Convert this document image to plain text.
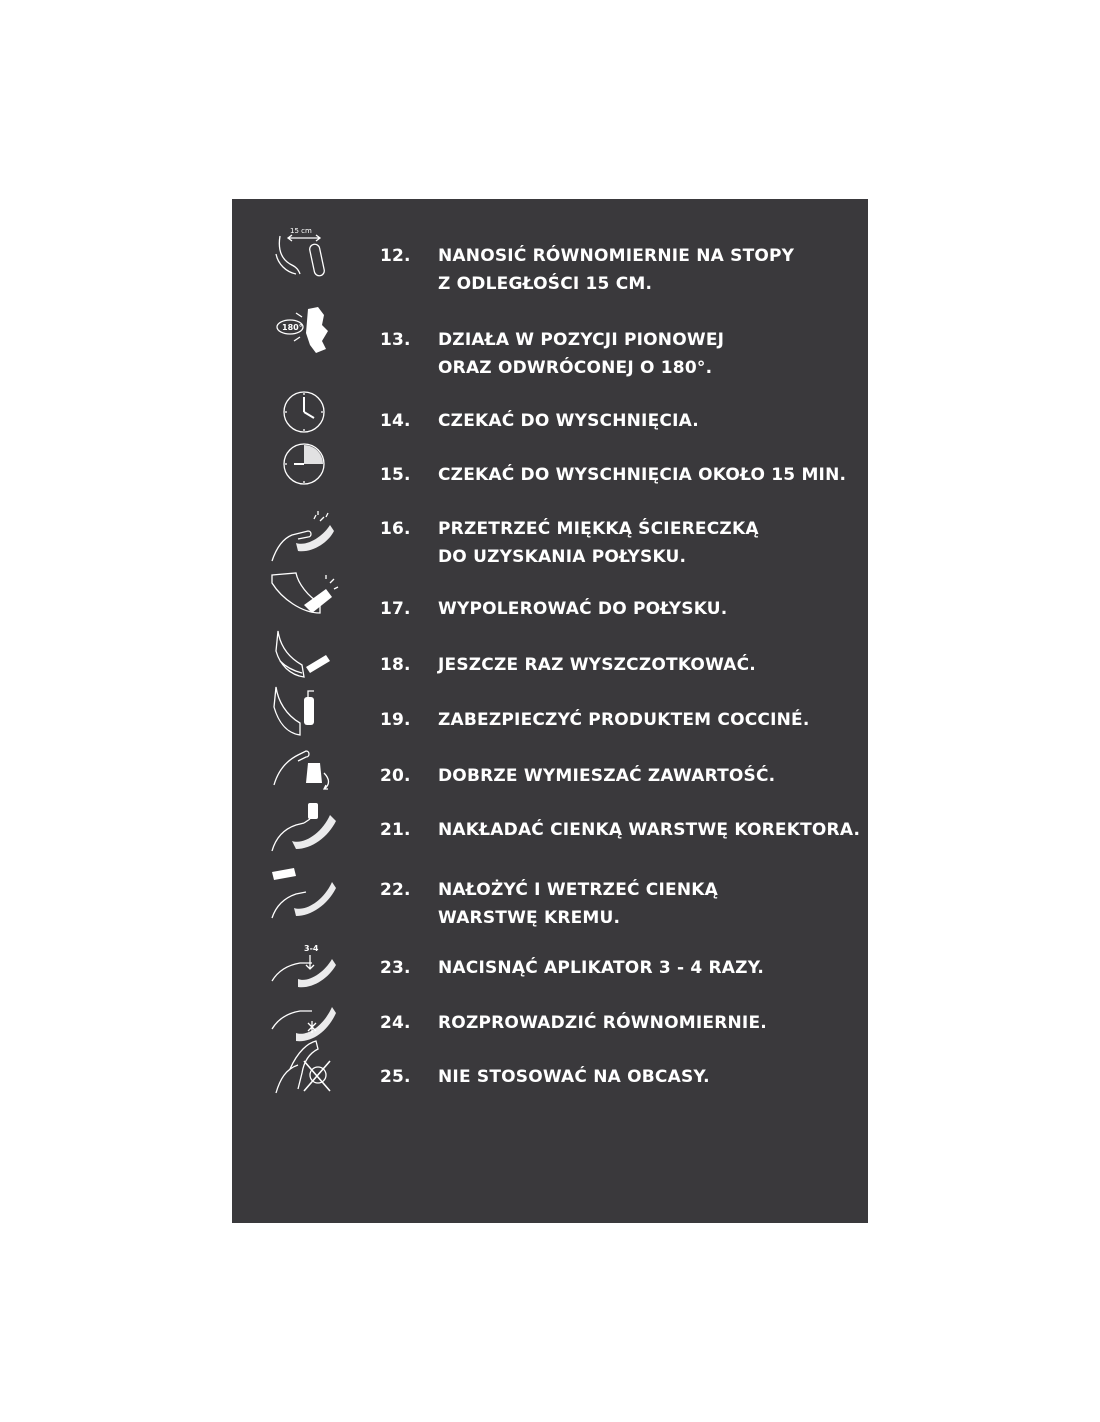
15 cm
12. NANOSIĆ RÓWNOMIERNIE NA STOPY
Z ODLEGŁOŚCI 15 CM.
180°
13. DZIAŁA W POZYCJI PIONOWEJ
ORAZ ODWRÓCONEJ O 180°.
14. CZEKAĆ DO WYSCHNIĘCIA.
15. CZEKAĆ DO WYSCHNIĘCIA OKOŁO 15 MIN.
16. PRZETRZEĆ MIĘKKĄ ŚCIERECZKĄ
DO UZYSKANIA POŁYSKU.
17. WYPOLEROWAĆ DO POŁYSKU.
18. JESZCZE RAZ WYSZCZOTKOWAĆ.
19. ZABEZPIECZYĆ PRODUKTEM COCCINÉ.
20. DOBRZE WYMIESZAĆ ZAWARTOŚĆ.
21. NAKŁADAĆ CIENKĄ WARSTWĘ KOREKTORA.
22. NAŁOŻYĆ I WETRZEĆ CIENKĄ
WARSTWĘ KREMU.
3-4
23. NACISNĄĆ APLIKATOR 3 - 4 RAZY.
24. ROZPROWADZIĆ RÓWNOMIERNIE.
25. NIE STOSOWAĆ NA OBCASY.
